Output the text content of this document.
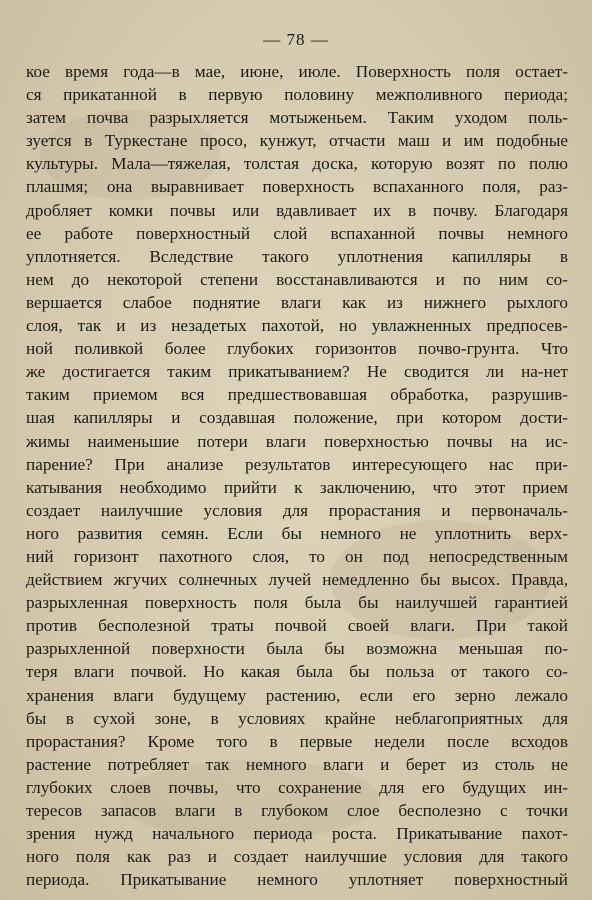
— 78 —
кое время года—в мае, июне, июле. Поверхность поля остает-
ся прикатанной в первую половину межполивного периода;
затем почва разрыхляется мотыженьем. Таким уходом поль-
зуется в Туркестане просо, кунжут, отчасти маш и им подобные
культуры. Мала—тяжелая, толстая доска, которую возят по полю
плашмя; она выравнивает поверхность вспаханного поля, раз-
дробляет комки почвы или вдавливает их в почву. Благодаря
ее работе поверхностный слой вспаханной почвы немного
уплотняется. Вследствие такого уплотнения капилляры в
нем до некоторой степени восстанавливаются и по ним со-
вершается слабое поднятие влаги как из нижнего рыхлого
слоя, так и из незадетых пахотой, но увлажненных предпосев-
ной поливкой более глубоких горизонтов почво-грунта. Что
же достигается таким прикатыванием? Не сводится ли на-нет
таким приемом вся предшествовавшая обработка, разрушив-
шая капилляры и создавшая положение, при котором дости-
жимы наименьшие потери влаги поверхностью почвы на ис-
парение? При анализе результатов интересующего нас при-
катывания необходимо прийти к заключению, что этот прием
создает наилучшие условия для прорастания и первоначаль-
ного развития семян. Если бы немного не уплотнить верх-
ний горизонт пахотного слоя, то он под непосредственным
действием жгучих солнечных лучей немедленно бы высох. Правда,
разрыхленная поверхность поля была бы наилучшей гарантией
против бесполезной траты почвой своей влаги. При такой
разрыхленной поверхности была бы возможна меньшая по-
теря влаги почвой. Но какая была бы польза от такого со-
хранения влаги будущему растению, если его зерно лежало
бы в сухой зоне, в условиях крайне неблагоприятных для
прорастания? Кроме того в первые недели после всходов
растение потребляет так немного влаги и берет из столь не
глубоких слоев почвы, что сохранение для его будущих ин-
тересов запасов влаги в глубоком слое бесполезно с точки
зрения нужд начального периода роста. Прикатывание пахот-
ного поля как раз и создает наилучшие условия для такого
периода. Прикатывание немного уплотняет поверхностный
